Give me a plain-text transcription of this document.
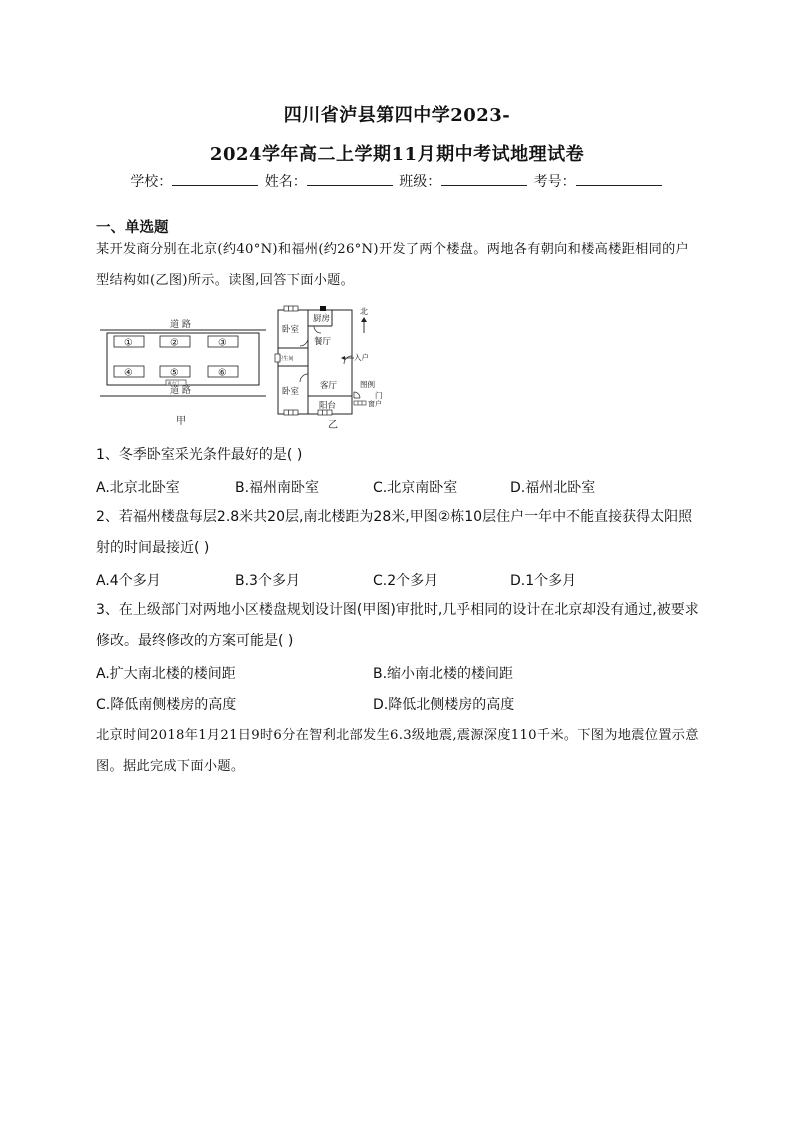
四川省泸县第四中学2023-
2024学年高二上学期11月期中考试地理试卷
学校：	姓名：	班级：	考号：
一、单选题
某开发商分别在北京(约40°N)和福州(约26°N)开发了两个楼盘。两地各有朝向和楼高楼距相同的户型结构如(乙图)所示。读图,回答下面小题。
道 路
①	②	③
④	⑤	⑥
南大门
道 路
甲
卧室
厨房
餐厅
卫生间
卧室
客厅
阳台
北
入户
图例
门
窗户
乙
1、冬季卧室采光条件最好的是( )
A.北京北卧室	B.福州南卧室	C.北京南卧室	D.福州北卧室
2、若福州楼盘每层2.8米共20层,南北楼距为28米,甲图②栋10层住户一年中不能直接获得太阳照射的时间最接近( )
A.4个多月	B.3个多月	C.2个多月	D.1个多月
3、在上级部门对两地小区楼盘规划设计图(甲图)审批时,几乎相同的设计在北京却没有通过,被要求修改。最终修改的方案可能是( )
A.扩大南北楼的楼间距	B.缩小南北楼的楼间距
C.降低南侧楼房的高度	D.降低北侧楼房的高度
北京时间2018年1月21日9时6分在智利北部发生6.3级地震,震源深度110千米。下图为地震位置示意图。据此完成下面小题。
